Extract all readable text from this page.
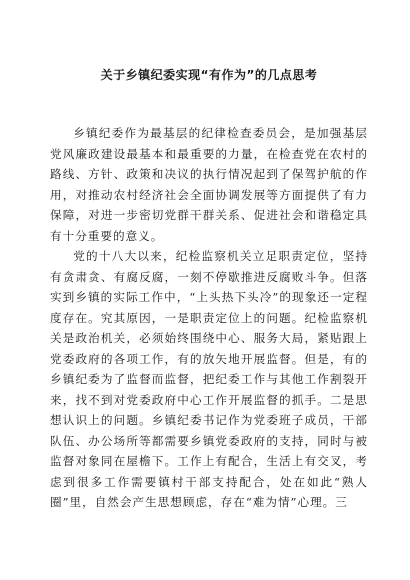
关于乡镇纪委实现“有作为”的几点思考

乡镇纪委作为最基层的纪律检查委员会，是加强基层党风廉政建设最基本和最重要的力量，在检查党在农村的路线、方针、政策和决议的执行情况起到了保驾护航的作用，对推动农村经济社会全面协调发展等方面提供了有力保障，对进一步密切党群干群关系、促进社会和谐稳定具有十分重要的意义。

党的十八大以来，纪检监察机关立足职责定位，坚持有贪肃贪、有腐反腐，一刻不停歇推进反腐败斗争。但落实到乡镇的实际工作中，“上头热下头冷”的现象还一定程度存在。究其原因，一是职责定位上的问题。纪检监察机关是政治机关，必须始终围绕中心、服务大局，紧贴跟上党委政府的各项工作，有的放矢地开展监督。但是，有的乡镇纪委为了监督而监督，把纪委工作与其他工作割裂开来，找不到对党委政府中心工作开展监督的抓手。二是思想认识上的问题。乡镇纪委书记作为党委班子成员，干部队伍、办公场所等都需要乡镇党委政府的支持，同时与被监督对象同在屋檐下。工作上有配合，生活上有交叉，考虑到很多工作需要镇村干部支持配合，处在如此“熟人圈”里，自然会产生思想顾虑，存在“难为情”心理。三
